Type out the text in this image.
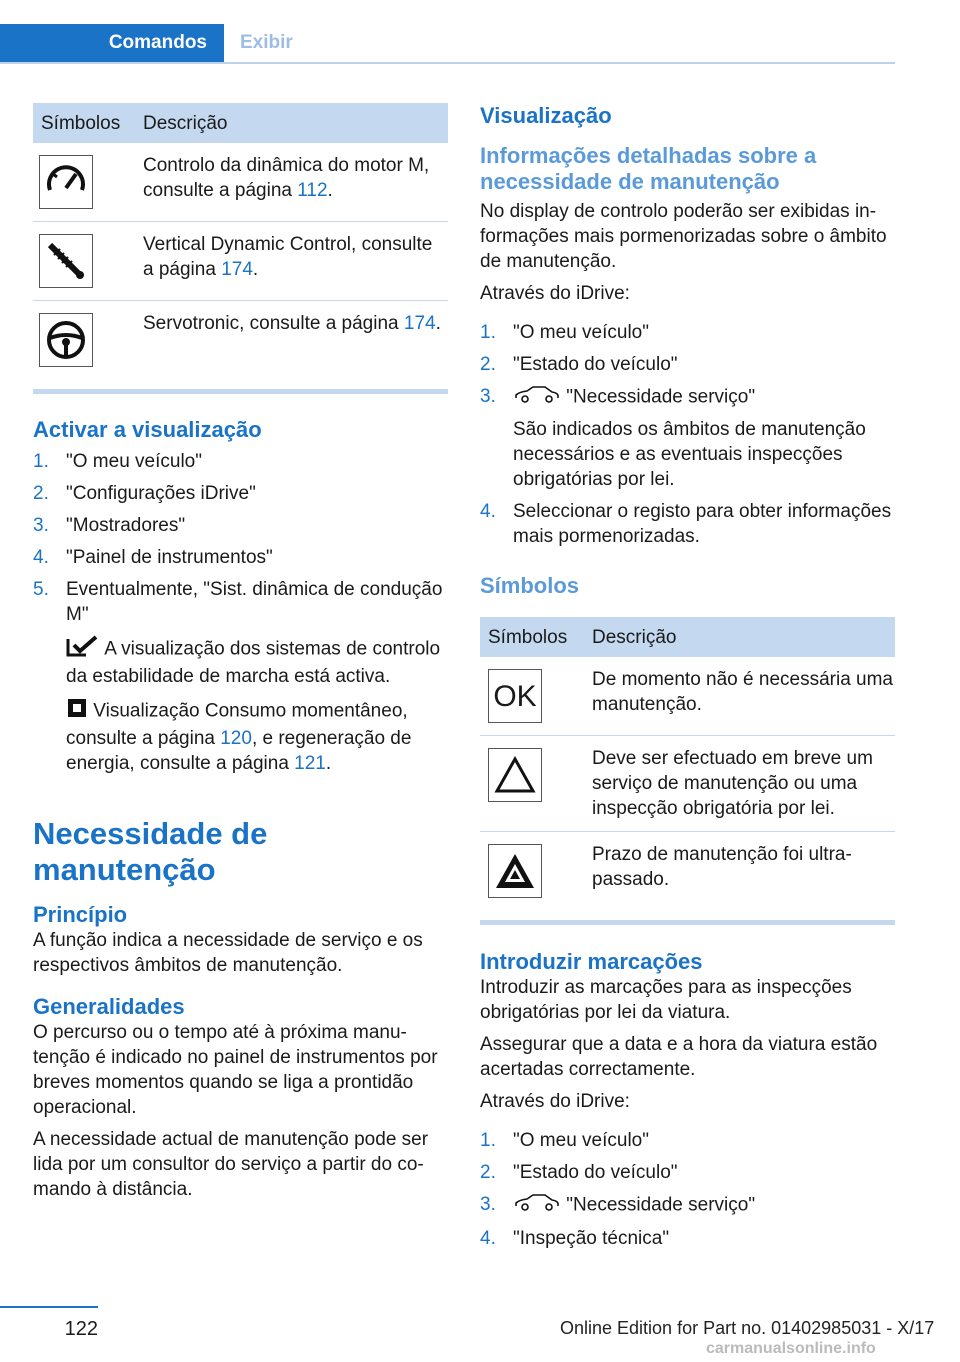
Comandos	Exibir
Símbolos	Descrição

	Controlo da dinâmica do motor M, consulte a página 112.

	Vertical Dynamic Control, consulte a página 174.

	Servotronic, consulte a página 174.
Activar a visualização
1. "O meu veículo"
2. "Configurações iDrive"
3. "Mostradores"
4. "Painel de instrumentos"
5. Eventualmente, "Sist. dinâmica de condução M"
A visualização dos sistemas de controlo da estabilidade de marcha está activa.
Visualização Consumo momentâneo, consulte a página 120, e regeneração de energia, consulte a página 121.
Necessidade de manutenção
Princípio

A função indica a necessidade de serviço e os respectivos âmbitos de manutenção.

Generalidades

O percurso ou o tempo até à próxima manutenção é indicado no painel de instrumentos por breves momentos quando se liga a prontidão operacional.

A necessidade actual de manutenção pode ser lida por um consultor do serviço a partir do comando à distância.

Visualização
Informações detalhadas sobre a necessidade de manutenção

No display de controlo poderão ser exibidas informações mais pormenorizadas sobre o âmbito de manutenção.

Através do iDrive:

1. "O meu veículo"
2. "Estado do veículo"
3.	"Necessidade serviço"

São indicados os âmbitos de manutenção necessários e as eventuais inspecções obrigatórias por lei.

4. Seleccionar o registo para obter informações mais pormenorizadas.
Símbolos
Símbolos	Descrição

OK	De momento não é necessária uma manutenção.

	Deve ser efectuado em breve um serviço de manutenção ou uma inspecção obrigatória por lei.

	Prazo de manutenção foi ultrapassado.
Introduzir marcações

Introduzir as marcações para as inspecções obrigatórias por lei da viatura.

Assegurar que a data e a hora da viatura estão acertadas correctamente.

Através do iDrive:

1. "O meu veículo"
2. "Estado do veículo"
3.	"Necessidade serviço"
4. "Inspeção técnica"
122	Online Edition for Part no. 01402985031 - X/17
carmanualsonline.info
